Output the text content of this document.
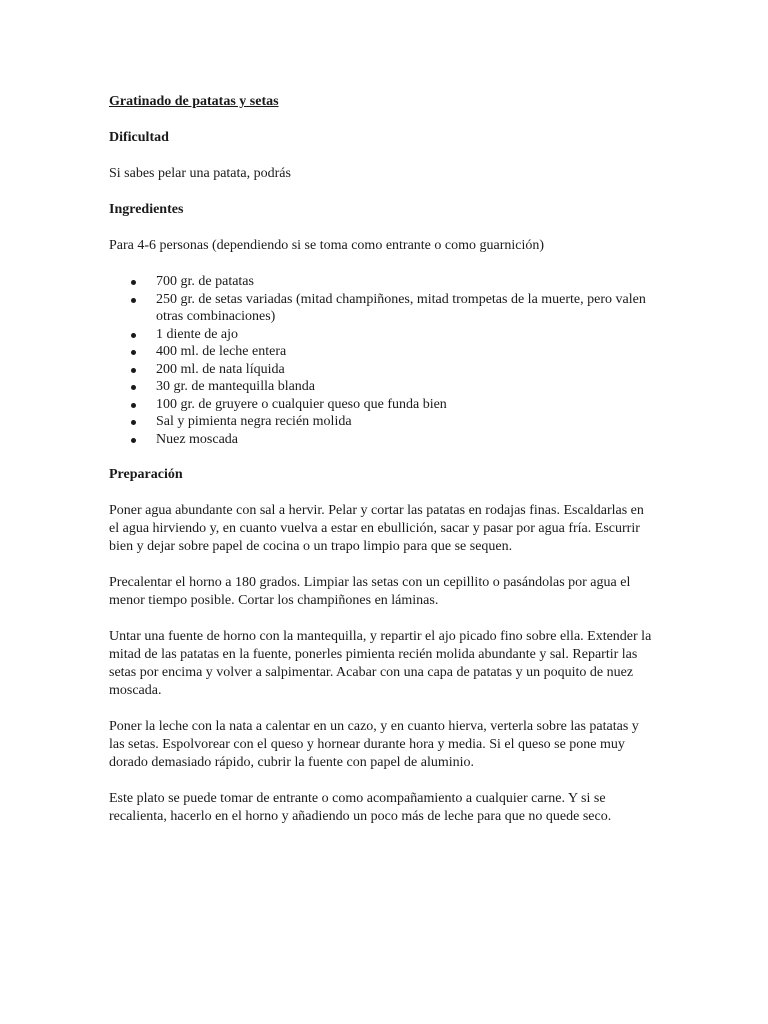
Gratinado de patatas y setas

Dificultad

Si sabes pelar una patata, podrás

Ingredientes

Para 4-6 personas (dependiendo si se toma como entrante o como guarnición)

700 gr. de patatas
250 gr. de setas variadas (mitad champiñones, mitad trompetas de la muerte, pero valen otras combinaciones)
1 diente de ajo
400 ml. de leche entera
200 ml. de nata líquida
30 gr. de mantequilla blanda
100 gr. de gruyere o cualquier queso que funda bien
Sal y pimienta negra recién molida
Nuez moscada

Preparación

Poner agua abundante con sal a hervir. Pelar y cortar las patatas en rodajas finas. Escaldarlas en el agua hirviendo y, en cuanto vuelva a estar en ebullición, sacar y pasar por agua fría. Escurrir bien y dejar sobre papel de cocina o un trapo limpio para que se sequen.

Precalentar el horno a 180 grados. Limpiar las setas con un cepillito o pasándolas por agua el menor tiempo posible. Cortar los champiñones en láminas.

Untar una fuente de horno con la mantequilla, y repartir el ajo picado fino sobre ella. Extender la mitad de las patatas en la fuente, ponerles pimienta recién molida abundante y sal. Repartir las setas por encima y volver a salpimentar. Acabar con una capa de patatas y un poquito de nuez moscada.

Poner la leche con la nata a calentar en un cazo, y en cuanto hierva, verterla sobre las patatas y las setas. Espolvorear con el queso y hornear durante hora y media. Si el queso se pone muy dorado demasiado rápido, cubrir la fuente con papel de aluminio.

Este plato se puede tomar de entrante o como acompañamiento a cualquier carne. Y si se recalienta, hacerlo en el horno y añadiendo un poco más de leche para que no quede seco.
